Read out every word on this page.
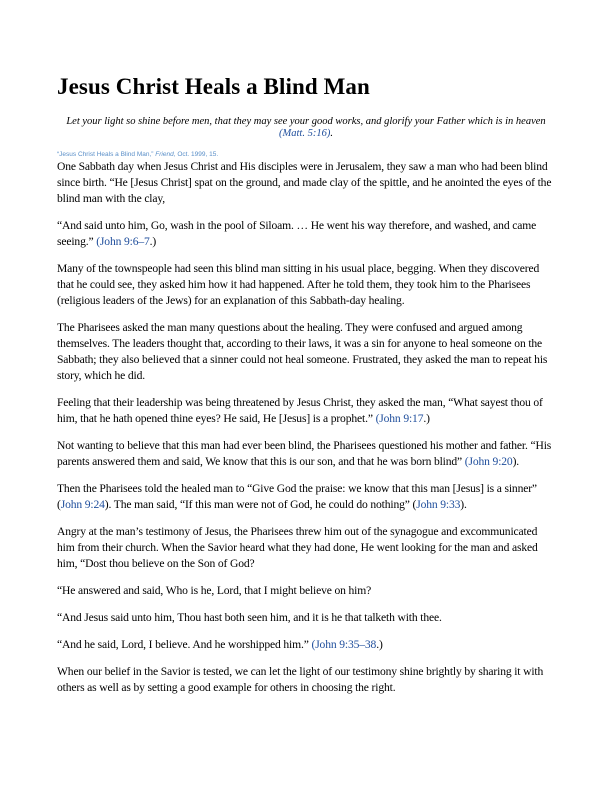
Jesus Christ Heals a Blind Man
Let your light so shine before men, that they may see your good works, and glorify your Father which is in heaven (Matt. 5:16).
“Jesus Christ Heals a Blind Man,” Friend, Oct. 1999, 15.

One Sabbath day when Jesus Christ and His disciples were in Jerusalem, they saw a man who had been blind since birth. “He [Jesus Christ] spat on the ground, and made clay of the spittle, and he anointed the eyes of the blind man with the clay,

“And said unto him, Go, wash in the pool of Siloam. … He went his way therefore, and washed, and came seeing.” (John 9:6–7.)

Many of the townspeople had seen this blind man sitting in his usual place, begging. When they discovered that he could see, they asked him how it had happened. After he told them, they took him to the Pharisees (religious leaders of the Jews) for an explanation of this Sabbath-day healing.

The Pharisees asked the man many questions about the healing. They were confused and argued among themselves. The leaders thought that, according to their laws, it was a sin for anyone to heal someone on the Sabbath; they also believed that a sinner could not heal someone. Frustrated, they asked the man to repeat his story, which he did.

Feeling that their leadership was being threatened by Jesus Christ, they asked the man, “What sayest thou of him, that he hath opened thine eyes? He said, He [Jesus] is a prophet.” (John 9:17.)

Not wanting to believe that this man had ever been blind, the Pharisees questioned his mother and father. “His parents answered them and said, We know that this is our son, and that he was born blind” (John 9:20).

Then the Pharisees told the healed man to “Give God the praise: we know that this man [Jesus] is a sinner” (John 9:24). The man said, “If this man were not of God, he could do nothing” (John 9:33).

Angry at the man’s testimony of Jesus, the Pharisees threw him out of the synagogue and excommunicated him from their church. When the Savior heard what they had done, He went looking for the man and asked him, “Dost thou believe on the Son of God?

“He answered and said, Who is he, Lord, that I might believe on him?

“And Jesus said unto him, Thou hast both seen him, and it is he that talketh with thee.

“And he said, Lord, I believe. And he worshipped him.” (John 9:35–38.)

When our belief in the Savior is tested, we can let the light of our testimony shine brightly by sharing it with others as well as by setting a good example for others in choosing the right.
